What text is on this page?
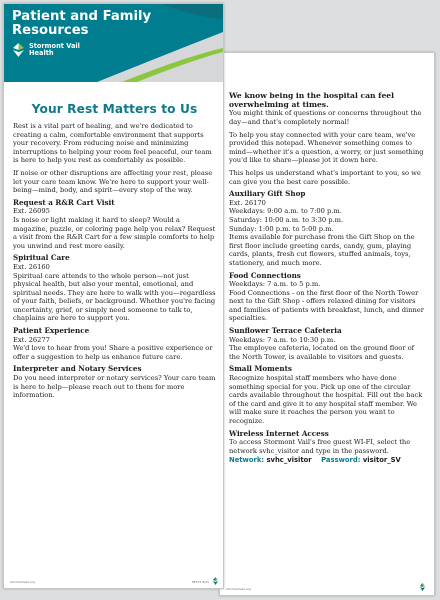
We know being in the hospital can feel overwhelming at times.

You might think of questions or concerns throughout the day—and that's completely normal!

To help you stay connected with your care team, we've provided this notepad. Whenever something comes to mind—whether it's a question, a worry, or just something you'd like to share—please jot it down here.

This helps us understand what's important to you, so we can give you the best care possible.

Auxiliary Gift Shop
Ext. 26170
Weekdays: 9:00 a.m. to 7:00 p.m.
Saturday: 10:00 a.m. to 3:30 p.m.
Sunday: 1:00 p.m. to 5:00 p.m.

Items available for purchase from the Gift Shop on the first floor include greeting cards, candy, gum, playing cards, plants, fresh cut flowers, stuffed animals, toys, stationery, and much more.

Food Connections
Weekdays: 7 a.m. to 5 p.m.

Food Connections - on the first floor of the North Tower next to the Gift Shop - offers relaxed dining for visitors and families of patients with breakfast, lunch, and dinner specialties.

Sunflower Terrace Cafeteria
Weekdays: 7 a.m. to 10:30 p.m.

The employee cafeteria, located on the ground floor of the North Tower, is available to visitors and guests.

Small Moments

Recognize hospital staff members who have done something special for you. Pick up one of the circular cards available throughout the hospital. Fill out the back of the card and give it to any hospital staff member. We will make sure it reaches the person you want to recognize.

Wireless Internet Access

To access Stormont Vail's free guest WI-FI, select the network svhc_visitor and type in the password.

Network: svhc_visitor Password: visitor_SV
stormontvail.org
Patient and Family
Resources
Stormont Vail
Health
Your Rest Matters to Us

Rest is a vital part of healing, and we're dedicated to creating a calm, comfortable environment that supports your recovery. From reducing noise and minimizing interruptions to helping your room feel peaceful, our team is here to help you rest as comfortably as possible.

If noise or other disruptions are affecting your rest, please let your care team know. We're here to support your well-being—mind, body, and spirit—every step of the way.

Request a R&R Cart Visit
Ext. 26095

Is noise or light making it hard to sleep? Would a magazine, puzzle, or coloring page help you relax? Request a visit from the R&R Cart for a few simple comforts to help you unwind and rest more easily.

Spiritual Care
Ext. 26160

Spiritual care attends to the whole person—not just physical health, but also your mental, emotional, and spiritual needs. They are here to walk with you—regardless of your faith, beliefs, or background. Whether you're facing uncertainty, grief, or simply need someone to talk to, chaplains are here to support you.

Patient Experience
Ext. 26277

We'd love to hear from you! Share a positive experience or offer a suggestion to help us enhance future care.

Interpreter and Notary Services

Do you need interpreter or notary services? Your care team is here to help—please reach out to them for more information.

stormontvail.org	PE374 8/25
